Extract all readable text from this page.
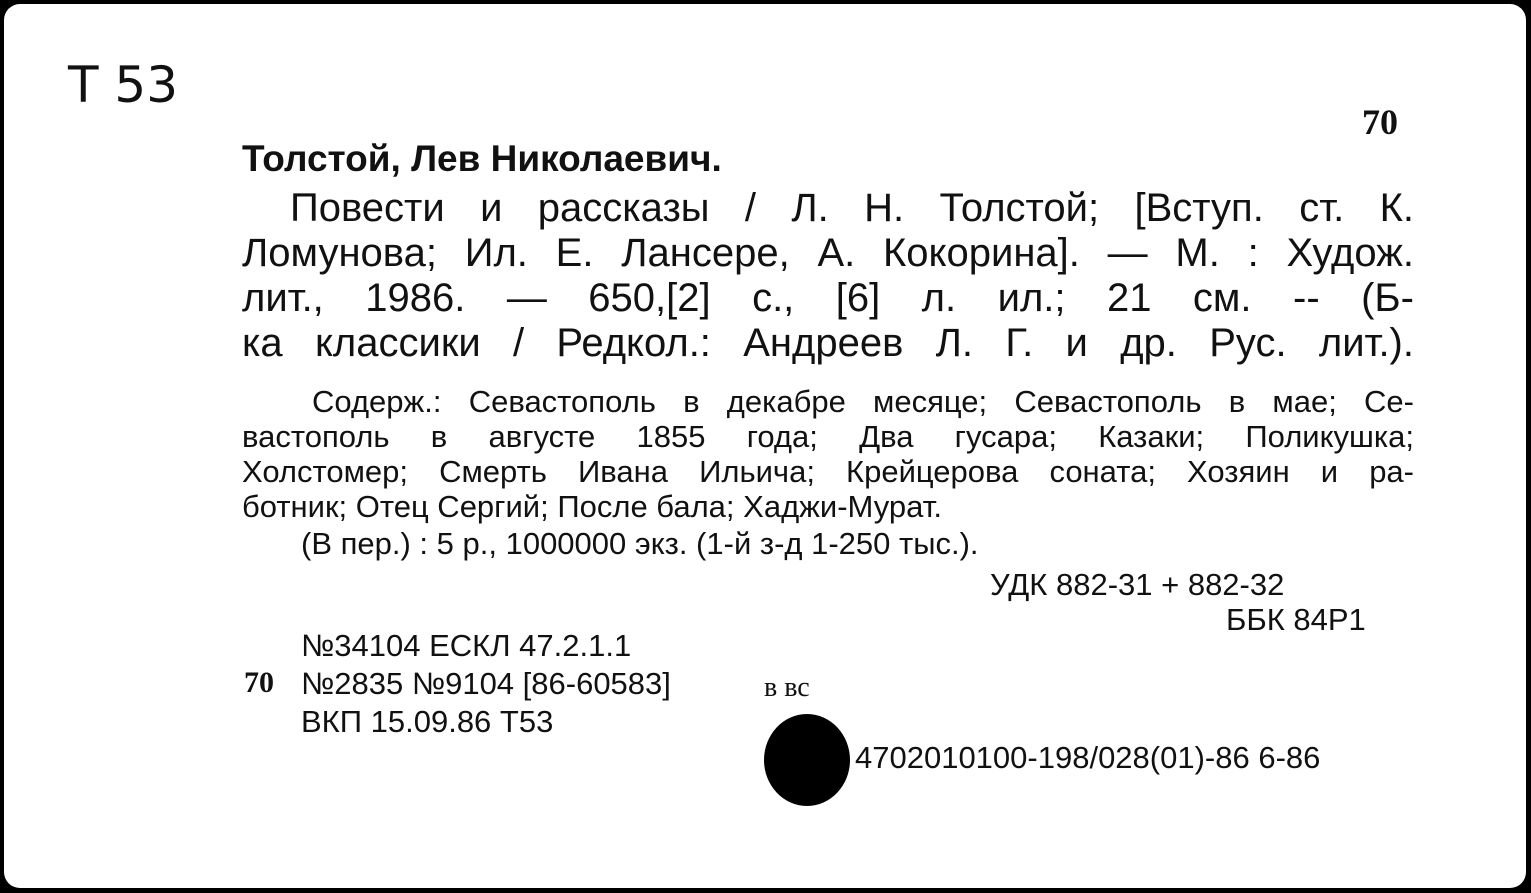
Т 53
70
Толстой, Лев Николаевич.
Повести и рассказы / Л. Н. Толстой; [Вступ. ст. К.
Ломунова; Ил. Е. Лансере, А. Кокорина]. — М. : Худож.
лит., 1986. — 650,[2] с., [6] л. ил.; 21 см. -- (Б-
ка классики / Редкол.: Андреев Л. Г. и др. Рус. лит.).
Содерж.: Севастополь в декабре месяце; Севастополь в мае; Се-
вастополь в августе 1855 года; Два гусара; Казаки; Поликушка;
Холстомер; Смерть Ивана Ильича; Крейцерова соната; Хозяин и ра-
ботник; Отец Сергий; После бала; Хаджи-Мурат.
(В пер.) : 5 р., 1000000 экз. (1-й з-д 1-250 тыс.).
УДК 882-31 + 882-32
ББК 84Р1
№34104 ЕСКЛ 47.2.1.1
70 №2835 №9104 [86-60583]	в вс
ВКП 15.09.86 Т53
4702010100-198/028(01)-86 6-86
